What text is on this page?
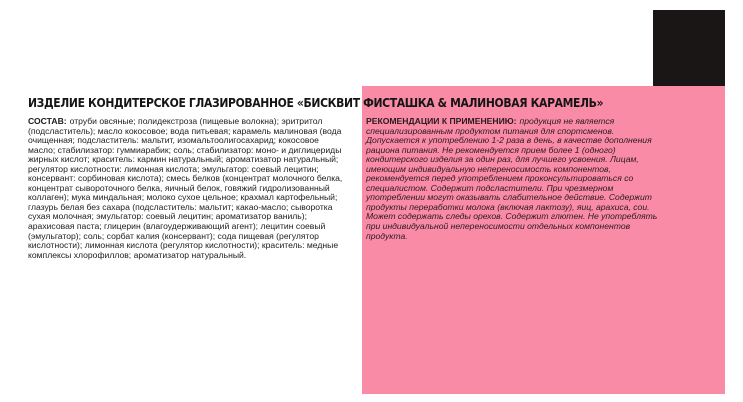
ИЗДЕЛИЕ КОНДИТЕРСКОЕ ГЛАЗИРОВАННОЕ «БИСКВИТ ФИСТАШКА & МАЛИНОВАЯ КАРАМЕЛЬ»

СОСТАВ: отруби овсяные; полидекстроза (пищевые волокна); эритритол (подсластитель); масло кокосовое; вода питьевая; карамель малиновая (вода очищенная; подсластитель: мальтит, изомальтоолигосахарид; кокосовое масло; стабилизатор: гуммиарабик; соль; стабилизатор: моно- и диглицериды жирных кислот; краситель: кармин натуральный; ароматизатор натуральный; регулятор кислотности: лимонная кислота; эмульгатор: соевый лецитин; консервант: сорбиновая кислота); смесь белков (концентрат молочного белка, концентрат сывороточного белка, яичный белок, говяжий гидролизованный коллаген); мука миндальная; молоко сухое цельное; крахмал картофельный; глазурь белая без сахара (подсластитель: мальтит; какао-масло; сыворотка сухая молочная; эмульгатор: соевый лецитин; ароматизатор ваниль); арахисовая паста; глицерин (влагоудерживающий агент); лецитин соевый (эмульгатор); соль; сорбат калия (консервант); сода пищевая (регулятор кислотности); лимонная кислота (регулятор кислотности); краситель: медные комплексы хлорофиллов; ароматизатор натуральный.

РЕКОМЕНДАЦИИ К ПРИМЕНЕНИЮ: продукция не является специализированным продуктом питания для спортсменов. Допускается к употреблению 1-2 раза в день, в качестве дополнения рациона питания. Не рекомендуется прием более 1 (одного) кондитерского изделия за один раз, для лучшего усвоения. Лицам, имеющим индивидуальную непереносимость компонентов, рекомендуется перед употреблением проконсультироваться со специалистом. Содержит подсластители. При чрезмерном употреблении могут оказывать слабительное действие. Содержит продукты переработки молока (включая лактозу), яиц, арахиса, сои. Может содержать следы орехов. Содержит глютен. Не употреблять при индивидуальной непереносимости отдельных компонентов продукта.
